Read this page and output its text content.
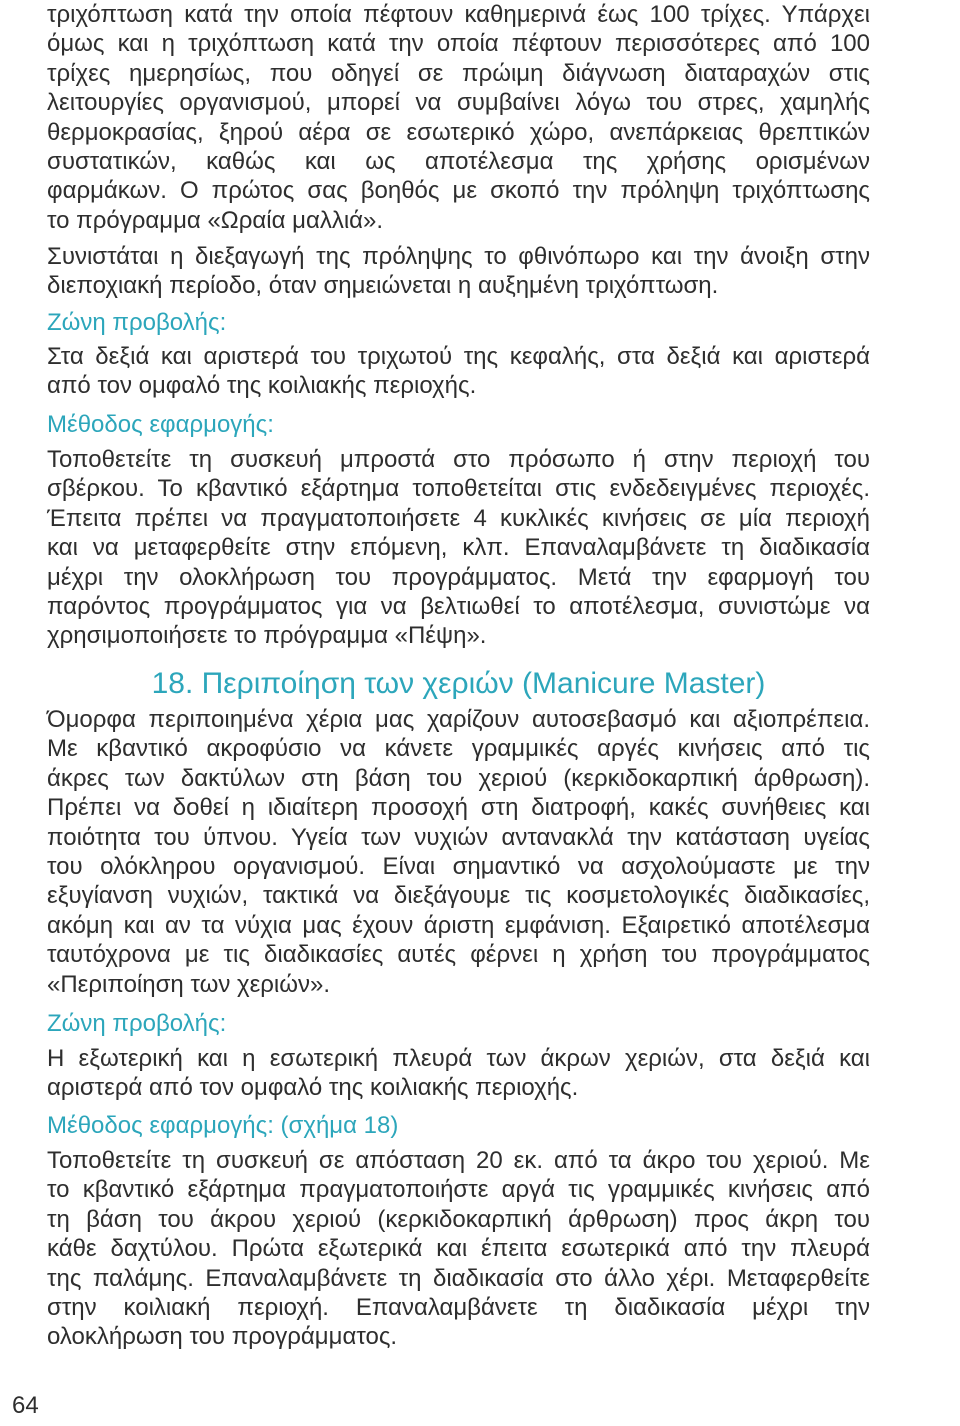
τριχόπτωση κατά την οποία πέφτουν καθημερινά έως 100 τρίχες. Υπάρχει
όμως και η τριχόπτωση κατά την οποία πέφτουν περισσότερες από 100
τρίχες ημερησίως, που οδηγεί σε πρώιμη διάγνωση διαταραχών στις
λειτουργίες οργανισμού, μπορεί να συμβαίνει λόγω του στρες, χαμηλής
θερμοκρασίας, ξηρού αέρα σε εσωτερικό χώρο, ανεπάρκειας θρεπτικών
συστατικών, καθώς και ως αποτέλεσμα της χρήσης ορισμένων
φαρμάκων. Ο πρώτος σας βοηθός με σκοπό την πρόληψη τριχόπτωσης
το πρόγραμμα «Ωραία μαλλιά».
Συνιστάται η διεξαγωγή της πρόληψης το φθινόπωρο και την άνοιξη στην
διεποχιακή περίοδο, όταν σημειώνεται η αυξημένη τριχόπτωση.
Ζώνη προβολής:
Στα δεξιά και αριστερά του τριχωτού της κεφαλής, στα δεξιά και αριστερά
από τον ομφαλό της κοιλιακής περιοχής.
Μέθοδος εφαρμογής:
Τοποθετείτε τη συσκευή μπροστά στο πρόσωπο ή στην περιοχή του
σβέρκου. Το κβαντικό εξάρτημα τοποθετείται στις ενδεδειγμένες περιοχές.
Έπειτα πρέπει να πραγματοποιήσετε 4 κυκλικές κινήσεις σε μία περιοχή
και να μεταφερθείτε στην επόμενη, κλπ. Επαναλαμβάνετε τη διαδικασία
μέχρι την ολοκλήρωση του προγράμματος. Μετά την εφαρμογή του
παρόντος προγράμματος για να βελτιωθεί το αποτέλεσμα, συνιστώμε να
χρησιμοποιήσετε το πρόγραμμα «Πέψη».
18. Περιποίηση των χεριών (Manicure Master)
Όμορφα περιποιημένα χέρια μας χαρίζουν αυτοσεβασμό και αξιοπρέπεια.
Με κβαντικό ακροφύσιο να κάνετε γραμμικές αργές κινήσεις από τις
άκρες των δακτύλων στη βάση του χεριού (κερκιδοκαρπική άρθρωση).
Πρέπει να δοθεί η ιδιαίτερη προσοχή στη διατροφή, κακές συνήθειες και
ποιότητα του ύπνου. Υγεία των νυχιών αντανακλά την κατάσταση υγείας
του ολόκληρου οργανισμού. Είναι σημαντικό να ασχολούμαστε με την
εξυγίανση νυχιών, τακτικά να διεξάγουμε τις κοσμετολογικές διαδικασίες,
ακόμη και αν τα νύχια μας έχουν άριστη εμφάνιση. Εξαιρετικό αποτέλεσμα
ταυτόχρονα με τις διαδικασίες αυτές φέρνει η χρήση του προγράμματος
«Περιποίηση των χεριών».
Ζώνη προβολής:
Η εξωτερική και η εσωτερική πλευρά των άκρων χεριών, στα δεξιά και
αριστερά από τον ομφαλό της κοιλιακής περιοχής.
Μέθοδος εφαρμογής: (σχήμα 18)
Τοποθετείτε τη συσκευή σε απόσταση 20 εκ. από τα άκρο του χεριού. Με
το κβαντικό εξάρτημα πραγματοποιήστε αργά τις γραμμικές κινήσεις από
τη βάση του άκρου χεριού (κερκιδοκαρπική άρθρωση) προς άκρη του
κάθε δαχτύλου. Πρώτα εξωτερικά και έπειτα εσωτερικά από την πλευρά
της παλάμης. Επαναλαμβάνετε τη διαδικασία στο άλλο χέρι. Μεταφερθείτε
στην κοιλιακή περιοχή. Επαναλαμβάνετε τη διαδικασία μέχρι την
ολοκλήρωση του προγράμματος.
64
